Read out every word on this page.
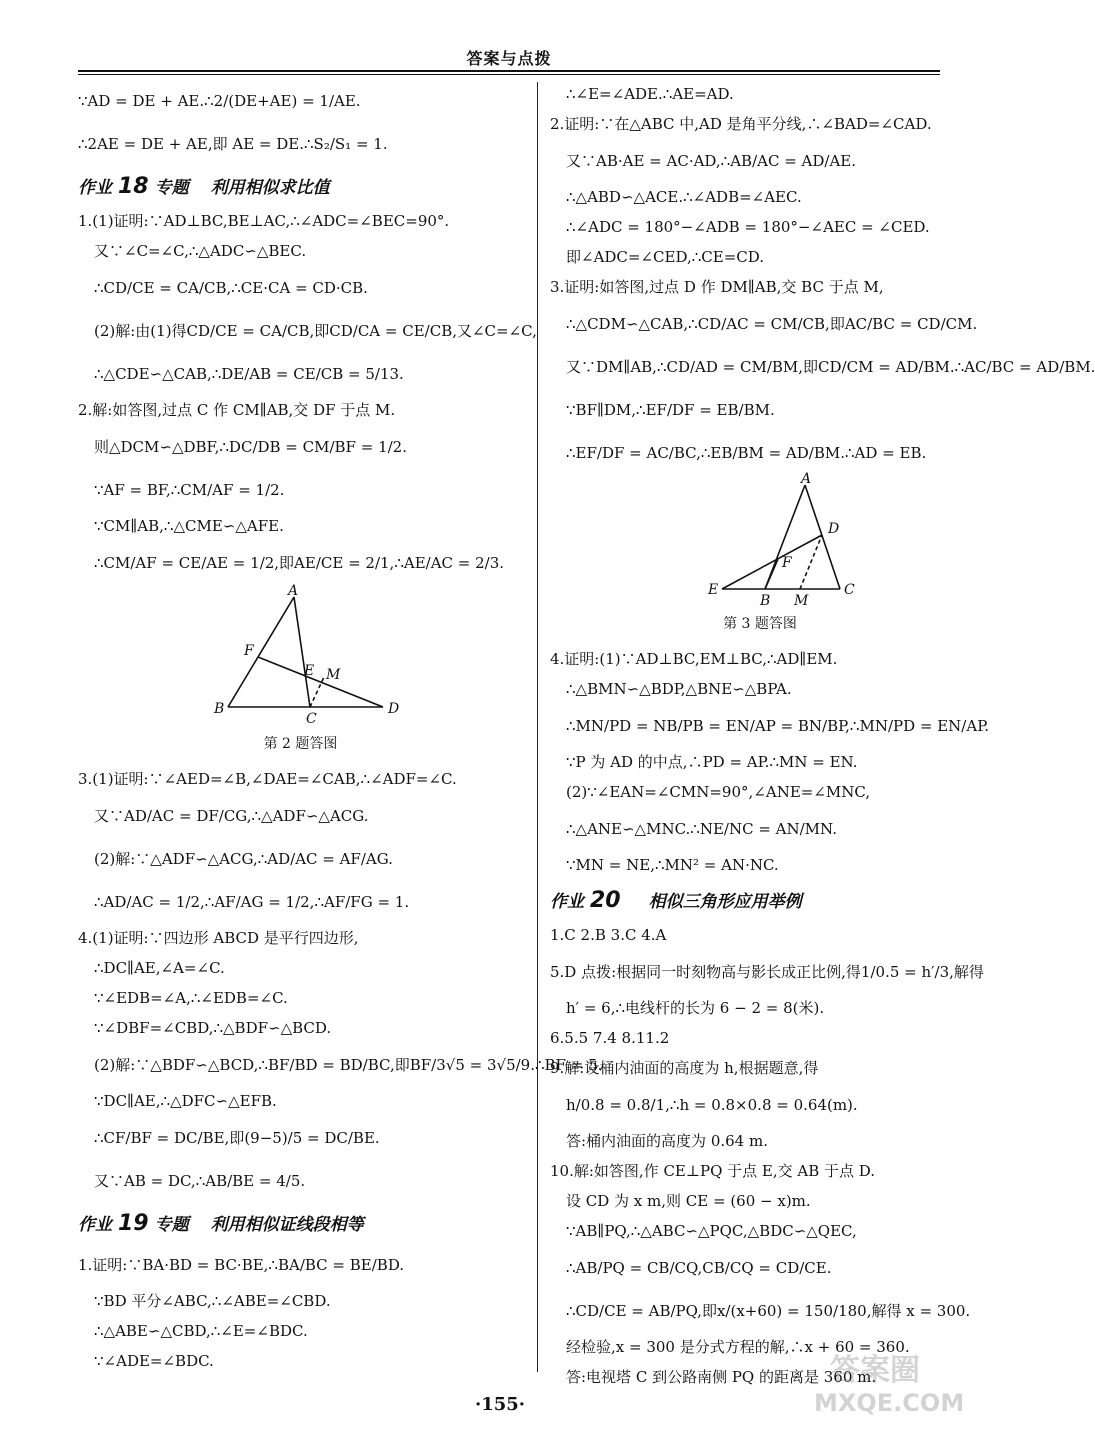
答案与点拨
∵AD = DE + AE.∴2/(DE+AE) = 1/AE.
∴2AE = DE + AE,即 AE = DE.∴S₂/S₁ = 1.
作业 18 专题 利用相似求比值
1.(1)证明:∵AD⊥BC,BE⊥AC,∴∠ADC=∠BEC=90°.
又∵∠C=∠C,∴△ADC∽△BEC.
∴CD/CE = CA/CB,∴CE·CA = CD·CB.
(2)解:由(1)得CD/CE = CA/CB,即CD/CA = CE/CB,又∠C=∠C,
∴△CDE∽△CAB,∴DE/AB = CE/CB = 5/13.
2.解:如答图,过点 C 作 CM∥AB,交 DF 于点 M.
则△DCM∽△DBF,∴DC/DB = CM/BF = 1/2.
∵AF = BF,∴CM/AF = 1/2.
∵CM∥AB,∴△CME∽△AFE.
∴CM/AF = CE/AE = 1/2,即AE/CE = 2/1,∴AE/AC = 2/3.
A
F
E M
B
C
D
第 2 题答图
3.(1)证明:∵∠AED=∠B,∠DAE=∠CAB,∴∠ADF=∠C.
又∵AD/AC = DF/CG,∴△ADF∽△ACG.
(2)解:∵△ADF∽△ACG,∴AD/AC = AF/AG.
∴AD/AC = 1/2,∴AF/AG = 1/2,∴AF/FG = 1.
4.(1)证明:∵四边形 ABCD 是平行四边形,
∴DC∥AE,∠A=∠C.
∵∠EDB=∠A,∴∠EDB=∠C.
∵∠DBF=∠CBD,∴△BDF∽△BCD.
(2)解:∵△BDF∽△BCD,∴BF/BD = BD/BC,即BF/3√5 = 3√5/9.∴BF = 5.
∵DC∥AE,∴△DFC∽△EFB.
∴CF/BF = DC/BE,即(9−5)/5 = DC/BE.
又∵AB = DC,∴AB/BE = 4/5.
作业 19 专题 利用相似证线段相等
1.证明:∵BA·BD = BC·BE,∴BA/BC = BE/BD.
∵BD 平分∠ABC,∴∠ABE=∠CBD.
∴△ABE∽△CBD,∴∠E=∠BDC.
∵∠ADE=∠BDC.
∴∠E=∠ADE.∴AE=AD.
2.证明:∵在△ABC 中,AD 是角平分线,∴∠BAD=∠CAD.
又∵AB·AE = AC·AD,∴AB/AC = AD/AE.
∴△ABD∽△ACE.∴∠ADB=∠AEC.
∴∠ADC = 180°−∠ADB = 180°−∠AEC = ∠CED.
即∠ADC=∠CED,∴CE=CD.
3.证明:如答图,过点 D 作 DM∥AB,交 BC 于点 M,
∴△CDM∽△CAB,∴CD/AC = CM/CB,即AC/BC = CD/CM.
又∵DM∥AB,∴CD/AD = CM/BM,即CD/CM = AD/BM.∴AC/BC = AD/BM.
∵BF∥DM,∴EF/DF = EB/BM.
∴EF/DF = AC/BC,∴EB/BM = AD/BM.∴AD = EB.
A
D
F
E
B M
C
第 3 题答图
4.证明:(1)∵AD⊥BC,EM⊥BC,∴AD∥EM.
∴△BMN∽△BDP,△BNE∽△BPA.
∴MN/PD = NB/PB = EN/AP = BN/BP,∴MN/PD = EN/AP.
∵P 为 AD 的中点,∴PD = AP.∴MN = EN.
(2)∵∠EAN=∠CMN=90°,∠ANE=∠MNC,
∴△ANE∽△MNC.∴NE/NC = AN/MN.
∵MN = NE,∴MN² = AN·NC.
作业 20 相似三角形应用举例
1.C 2.B 3.C 4.A
5.D 点拨:根据同一时刻物高与影长成正比例,得1/0.5 = h′/3,解得
h′ = 6,∴电线杆的长为 6 − 2 = 8(米).
6.5.5 7.4 8.11.2
9.解:设桶内油面的高度为 h,根据题意,得
h/0.8 = 0.8/1,∴h = 0.8×0.8 = 0.64(m).
答:桶内油面的高度为 0.64 m.
10.解:如答图,作 CE⊥PQ 于点 E,交 AB 于点 D.
设 CD 为 x m,则 CE = (60 − x)m.
∵AB∥PQ,∴△ABC∽△PQC,△BDC∽△QEC,
∴AB/PQ = CB/CQ,CB/CQ = CD/CE.
∴CD/CE = AB/PQ,即x/(x+60) = 150/180,解得 x = 300.
经检验,x = 300 是分式方程的解,∴x + 60 = 360.
答:电视塔 C 到公路南侧 PQ 的距离是 360 m.
·155·
答案圈
MXQE.COM
